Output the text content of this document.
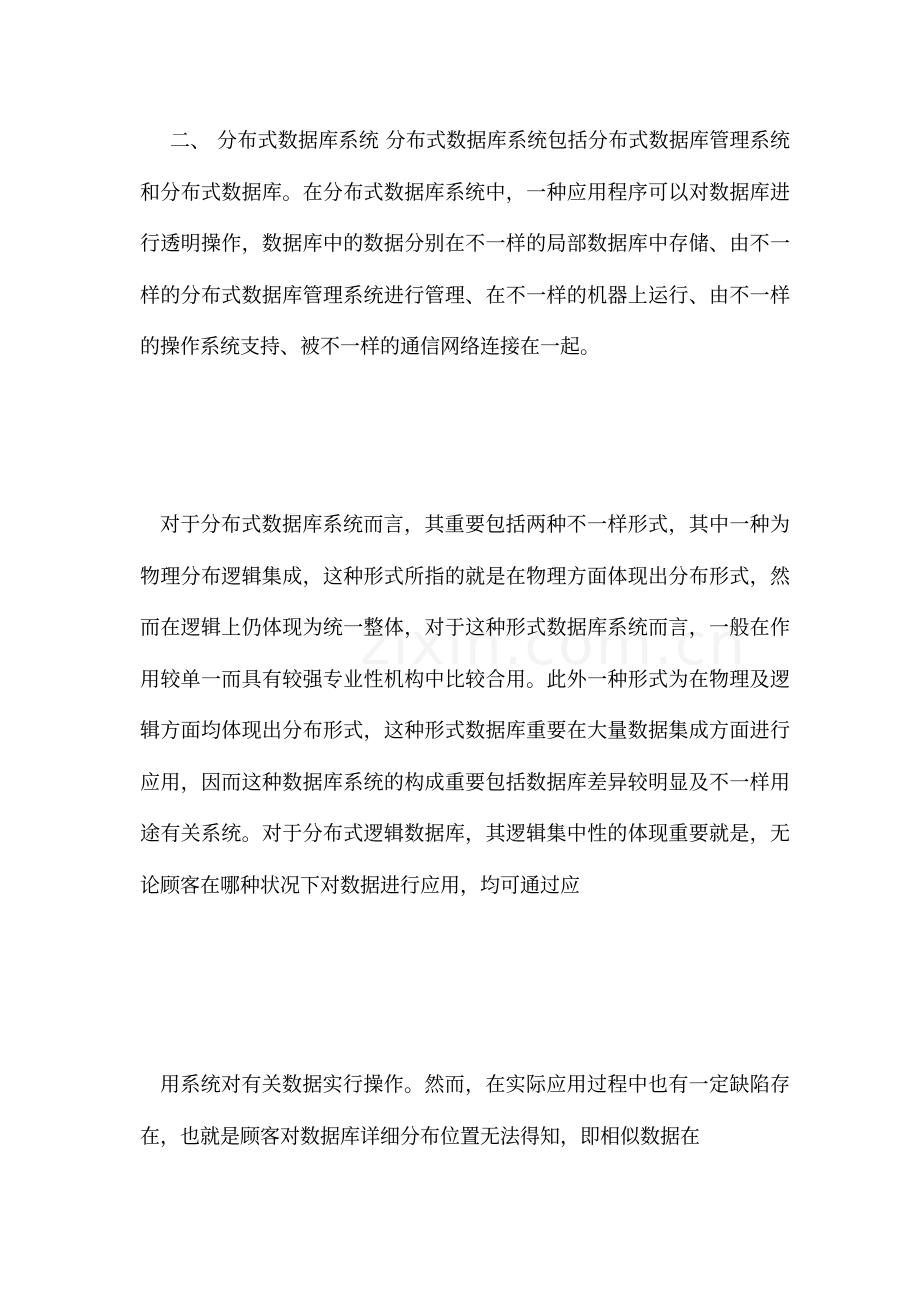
二、 分布式数据库系统 分布式数据库系统包括分布式数据库管理系统和分布式数据库。在分布式数据库系统中，一种应用程序可以对数据库进行透明操作，数据库中的数据分别在不一样的局部数据库中存储、由不一样的分布式数据库管理系统进行管理、在不一样的机器上运行、由不一样的操作系统支持、被不一样的通信网络连接在一起。

对于分布式数据库系统而言，其重要包括两种不一样形式，其中一种为物理分布逻辑集成，这种形式所指的就是在物理方面体现出分布形式，然而在逻辑上仍体现为统一整体，对于这种形式数据库系统而言，一般在作用较单一而具有较强专业性机构中比较合用。此外一种形式为在物理及逻辑方面均体现出分布形式，这种形式数据库重要在大量数据集成方面进行应用，因而这种数据库系统的构成重要包括数据库差异较明显及不一样用途有关系统。对于分布式逻辑数据库，其逻辑集中性的体现重要就是，无论顾客在哪种状况下对数据进行应用，均可通过应

用系统对有关数据实行操作。然而，在实际应用过程中也有一定缺陷存在，也就是顾客对数据库详细分布位置无法得知，即相似数据在
